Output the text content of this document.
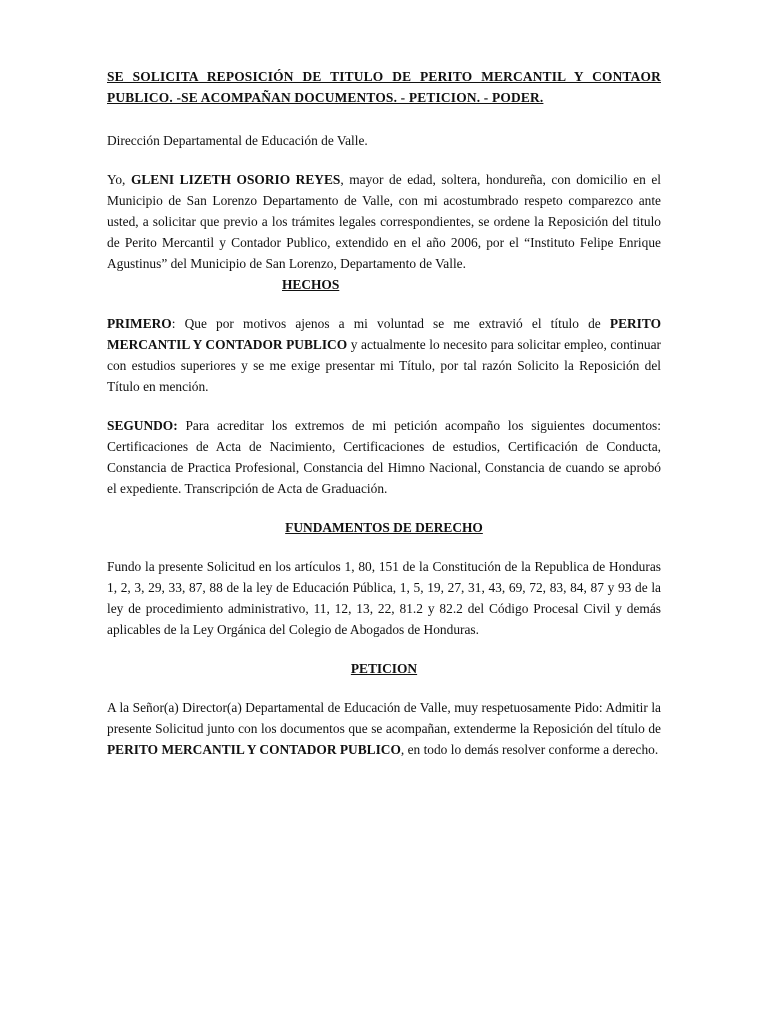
SE SOLICITA REPOSICIÓN DE TITULO DE PERITO MERCANTIL Y CONTAOR PUBLICO. -SE ACOMPAÑAN DOCUMENTOS. - PETICION. - PODER.

Dirección Departamental de Educación de Valle.

Yo, GLENI LIZETH OSORIO REYES, mayor de edad, soltera, hondureña, con domicilio en el Municipio de San Lorenzo Departamento de Valle, con mi acostumbrado respeto comparezco ante usted, a solicitar que previo a los trámites legales correspondientes, se ordene la Reposición del titulo de Perito Mercantil y Contador Publico, extendido en el año 2006, por el “Instituto Felipe Enrique Agustinus” del Municipio de San Lorenzo, Departamento de Valle.

HECHOS

PRIMERO: Que por motivos ajenos a mi voluntad se me extravió el título de PERITO MERCANTIL Y CONTADOR PUBLICO y actualmente lo necesito para solicitar empleo, continuar con estudios superiores y se me exige presentar mi Título, por tal razón Solicito la Reposición del Título en mención.

SEGUNDO: Para acreditar los extremos de mi petición acompaño los siguientes documentos: Certificaciones de Acta de Nacimiento, Certificaciones de estudios, Certificación de Conducta, Constancia de Practica Profesional, Constancia del Himno Nacional, Constancia de cuando se aprobó el expediente. Transcripción de Acta de Graduación.

FUNDAMENTOS DE DERECHO

Fundo la presente Solicitud en los artículos 1, 80, 151 de la Constitución de la Republica de Honduras 1, 2, 3, 29, 33, 87, 88 de la ley de Educación Pública, 1, 5, 19, 27, 31, 43, 69, 72, 83, 84, 87 y 93 de la ley de procedimiento administrativo, 11, 12, 13, 22, 81.2 y 82.2 del Código Procesal Civil y demás aplicables de la Ley Orgánica del Colegio de Abogados de Honduras.

PETICION

A la Señor(a) Director(a) Departamental de Educación de Valle, muy respetuosamente Pido: Admitir la presente Solicitud junto con los documentos que se acompañan, extenderme la Reposición del título de PERITO MERCANTIL Y CONTADOR PUBLICO, en todo lo demás resolver conforme a derecho.
